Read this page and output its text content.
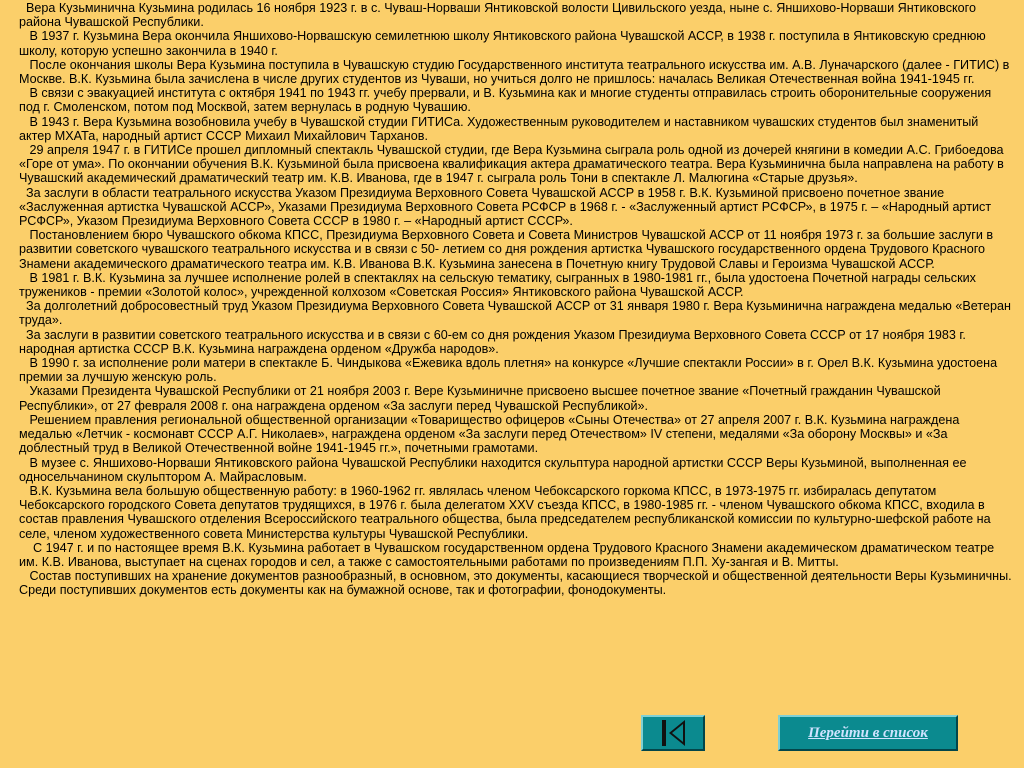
Вера Кузьминична Кузьмина родилась 16 ноября 1923 г. в с. Чуваш-Норваши Янтиковской волости Цивильского уезда, ныне с. Яншихово-Норваши Янтиковского района Чувашской Республики.

В 1937 г. Кузьмина Вера окончила Яншихово-Норвашскую семилетнюю школу Янтиковского района Чувашской АССР, в 1938 г. поступила в Янтиковскую среднюю школу, которую успешно закончила в 1940 г.

После окончания школы Вера Кузьмина поступила в Чувашскую студию Государственного института театрального искусства им. А.В. Луначарского (далее - ГИТИС) в Москве. В.К. Кузьмина была зачислена в числе других студентов из Чуваши, но учиться долго не пришлось: началась Великая Отечественная война 1941-1945 гг.

В связи с эвакуацией института с октября 1941 по 1943 гг. учебу прервали, и В. Кузьмина как и многие студенты отправилась строить оборонительные сооружения под г. Смоленском, потом под Москвой, затем вернулась в родную Чувашию.

В 1943 г. Вера Кузьмина возобновила учебу в Чувашской студии ГИТИСа. Художественным руководителем и наставником чувашских студентов был знаменитый актер МХАТа, народный артист СССР Михаил Михайлович Тарханов.

29 апреля 1947 г. в ГИТИСе прошел дипломный спектакль Чувашской студии, где Вера Кузьмина сыграла роль одной из дочерей княгини в комедии А.С. Грибоедова «Горе от ума». По окончании обучения В.К. Кузьминой была присвоена квалификация актера драматического театра. Вера Кузьминична была направлена на работу в Чувашский академический драматический театр им. К.В. Иванова, где в 1947 г. сыграла роль Тони в спектакле Л. Малюгина «Старые друзья».

За заслуги в области театрального искусства Указом Президиума Верховного Совета Чувашской АССР в 1958 г. В.К. Кузьминой присвоено почетное звание «Заслуженная артистка Чувашской АССР», Указами Президиума Верховного Совета РСФСР в 1968 г. - «Заслуженный артист РСФСР», в 1975 г. – «Народный артист РСФСР», Указом Президиума Верховного Совета СССР в 1980 г. – «Народный артист СССР».

Постановлением бюро Чувашского обкома КПСС, Президиума Верховного Совета и Совета Министров Чувашской АССР от 11 ноября 1973 г. за большие заслуги в развитии советского чувашского театрального искусства и в связи с 50- летием со дня рождения артистка Чувашского государственного ордена Трудового Красного Знамени академического драматического театра им. К.В. Иванова В.К. Кузьмина занесена в Почетную книгу Трудовой Славы и Героизма Чувашской АССР.

В 1981 г. В.К. Кузьмина за лучшее исполнение ролей в спектаклях на сельскую тематику, сыгранных в 1980-1981 гг., была удостоена Почетной награды сельских тружеников - премии «Золотой колос», учрежденной колхозом «Советская Россия» Янтиковского района Чувашской АССР.

За долголетний добросовестный труд Указом Президиума Верховного Совета Чувашской АССР от 31 января 1980 г. Вера Кузьминична награждена медалью «Ветеран труда».

За заслуги в развитии советского театрального искусства и в связи с 60-ем со дня рождения Указом Президиума Верховного Совета СССР от 17 ноября 1983 г. народная артистка СССР В.К. Кузьмина награждена орденом «Дружба народов».

В 1990 г. за исполнение роли матери в спектакле Б. Чиндыкова «Ежевика вдоль плетня» на конкурсе «Лучшие спектакли России» в г. Орел В.К. Кузьмина удостоена премии за лучшую женскую роль.

Указами Президента Чувашской Республики от 21 ноября 2003 г. Вере Кузьминичне присвоено высшее почетное звание «Почетный гражданин Чувашской Республики», от 27 февраля 2008 г. она награждена орденом «За заслуги перед Чувашской Республикой».

Решением правления региональной общественной организации «Товарищество офицеров «Сыны Отечества» от 27 апреля 2007 г. В.К. Кузьмина награждена медалью «Летчик - космонавт СССР А.Г. Николаев», награждена орденом «За заслуги перед Отечеством» IV степени, медалями «За оборону Москвы» и «За доблестный труд в Великой Отечественной войне 1941-1945 гг.», почетными грамотами.

В музее с. Яншихово-Норваши Янтиковского района Чувашской Республики находится скульптура народной артистки СССР Веры Кузьминой, выполненная ее односельчанином скульптором А. Майрасловым.

В.К. Кузьмина вела большую общественную работу: в 1960-1962 гг. являлась членом Чебоксарского горкома КПСС, в 1973-1975 гг. избиралась депутатом Чебоксарского городского Совета депутатов трудящихся, в 1976 г. была делегатом XXV съезда КПСС, в 1980-1985 гг. - членом Чувашского обкома КПСС, входила в состав правления Чувашского отделения Всероссийского театрального общества, была председателем республиканской комиссии по культурно-шефской работе на селе, членом художественного совета Министерства культуры Чувашской Республики.

С 1947 г. и по настоящее время В.К. Кузьмина работает в Чувашском государственном ордена Трудового Красного Знамени академическом драматическом театре им. К.В. Иванова, выступает на сценах городов и сел, а также с самостоятельными работами по произведениям П.П. Ху-зангая и В. Митты.

Состав поступивших на хранение документов разнообразный, в основном, это документы, касающиеся творческой и общественной деятельности Веры Кузьминичны. Среди поступивших документов есть документы как на бумажной основе, так и фотографии, фонодокументы.

Перейти в список
